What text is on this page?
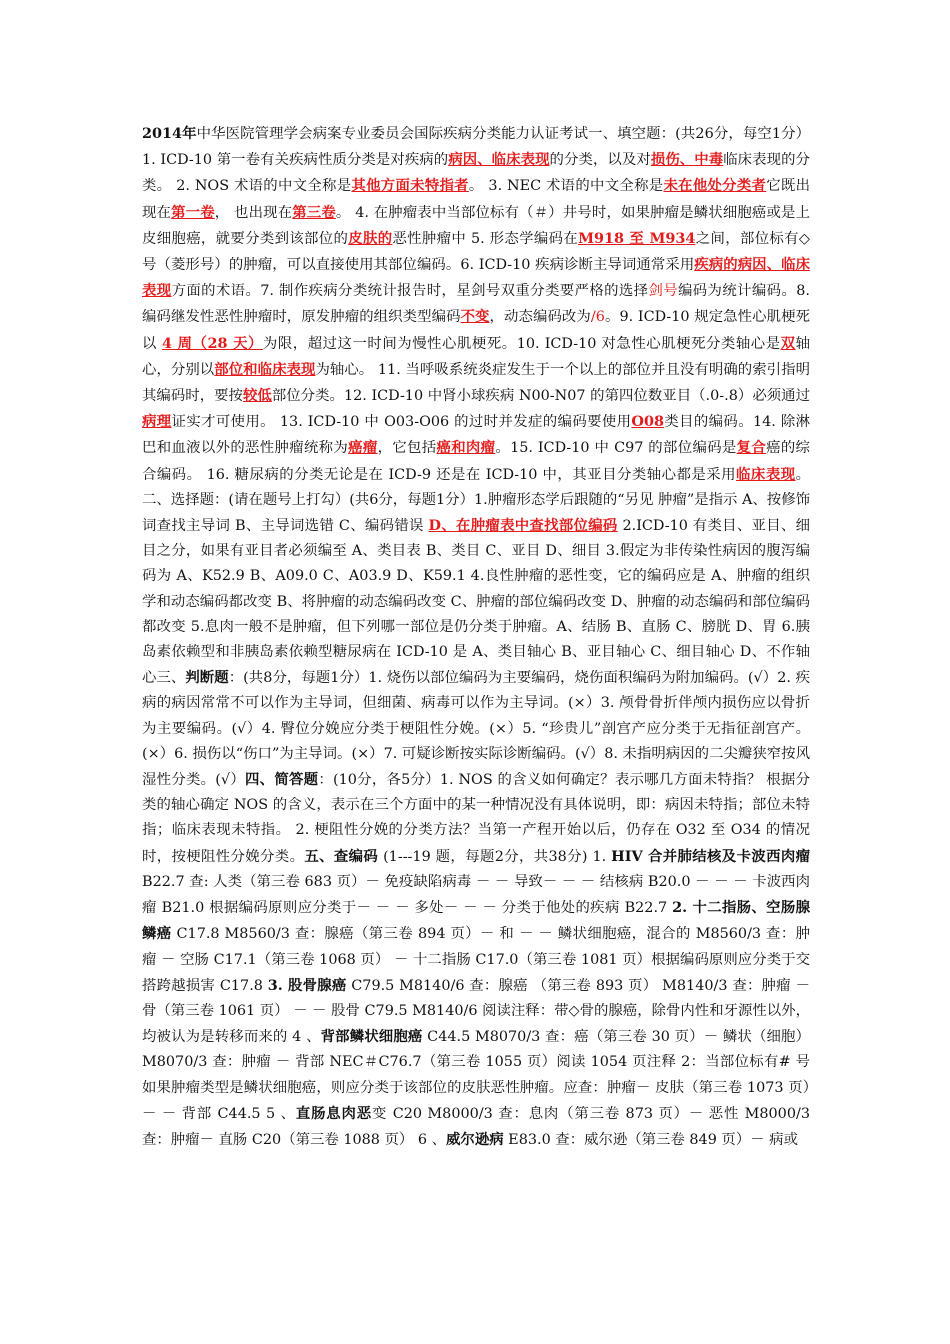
2014年中华医院管理学会病案专业委员会国际疾病分类能力认证考试一、填空题：(共26分，每空1分）1. ICD-10 第一卷有关疾病性质分类是对疾病的病因、临床表现的分类，以及对损伤、中毒临床表现的分类。 2. NOS 术语的中文全称是其他方面未特指者。 3. NEC 术语的中文全称是未在他处分类者它既出现在第一卷， 也出现在第三卷。 4. 在肿瘤表中当部位标有（＃）井号时，如果肿瘤是鳞状细胞癌或是上皮细胞癌，就要分类到该部位的皮肤的恶性肿瘤中 5. 形态学编码在M918 至 M934之间，部位标有◇号（菱形号）的肿瘤，可以直接使用其部位编码。6. ICD-10 疾病诊断主导词通常采用疾病的病因、临床表现方面的术语。7. 制作疾病分类统计报告时，星剑号双重分类要严格的选择剑号编码为统计编码。8. 编码继发性恶性肿瘤时，原发肿瘤的组织类型编码不变，动态编码改为/6。9. ICD-10 规定急性心肌梗死以 4 周（28 天）为限，超过这一时间为慢性心肌梗死。10. ICD-10 对急性心肌梗死分类轴心是双轴心，分别以部位和临床表现为轴心。 11. 当呼吸系统炎症发生于一个以上的部位并且没有明确的索引指明其编码时，要按较低部位分类。12. ICD-10 中肾小球疾病 N00-N07 的第四位数亚目（.0-.8）必须通过病理证实才可使用。 13. ICD-10 中 O03-O06 的过时并发症的编码要使用O08类目的编码。14. 除淋巴和血液以外的恶性肿瘤统称为癌瘤，它包括癌和肉瘤。15. ICD-10 中 C97 的部位编码是复合癌的综合编码。 16. 糖尿病的分类无论是在 ICD-9 还是在 ICD-10 中，其亚目分类轴心都是采用临床表现。二、选择题：(请在题号上打勾）(共6分，每题1分）1.肿瘤形态学后跟随的“另见 肿瘤”是指示 A、按修饰词查找主导词 B、主导词选错 C、编码错误 D、在肿瘤表中查找部位编码 2.ICD-10 有类目、亚目、细目之分，如果有亚目者必须编至 A、类目表 B、类目 C、亚目 D、细目 3.假定为非传染性病因的腹泻编码为 A、K52.9 B、A09.0 C、A03.9 D、K59.1 4.良性肿瘤的恶性变，它的编码应是 A、肿瘤的组织学和动态编码都改变 B、将肿瘤的动态编码改变 C、肿瘤的部位编码改变 D、肿瘤的动态编码和部位编码都改变 5.息肉一般不是肿瘤，但下列哪一部位是仍分类于肿瘤。A、结肠 B、直肠 C、膀胱 D、胃 6.胰岛素依赖型和非胰岛素依赖型糖尿病在 ICD-10 是 A、类目轴心 B、亚目轴心 C、细目轴心 D、不作轴心三、判断题：(共8分，每题1分）1. 烧伤以部位编码为主要编码，烧伤面积编码为附加编码。(√）2. 疾病的病因常常不可以作为主导词，但细菌、病毒可以作为主导词。(×）3. 颅骨骨折伴颅内损伤应以骨折为主要编码。(√）4. 臀位分娩应分类于梗阻性分娩。(×）5. “珍贵儿”剖宫产应分类于无指征剖宫产。(×）6. 损伤以“伤口”为主导词。(×）7. 可疑诊断按实际诊断编码。(√）8. 未指明病因的二尖瓣狭窄按风湿性分类。(√）四、简答题：(10分，各5分）1. NOS 的含义如何确定？表示哪几方面未特指？ 根据分类的轴心确定 NOS 的含义，表示在三个方面中的某一种情况没有具体说明，即：病因未特指；部位未特指；临床表现未特指。 2. 梗阻性分娩的分类方法？当第一产程开始以后，仍存在 O32 至 O34 的情况时，按梗阻性分娩分类。五、查编码 (1---19 题，每题2分，共38分) 1. HIV 合并肺结核及卡波西肉瘤 B22.7 查: 人类（第三卷 683 页）－ 免疫缺陷病毒 － － 导致－ － － 结核病 B20.0 － － － 卡波西肉瘤 B21.0 根据编码原则应分类于－ － － 多处－ － － 分类于他处的疾病 B22.7 2. 十二指肠、空肠腺鳞癌 C17.8 M8560/3 查：腺癌（第三卷 894 页）－ 和 － － 鳞状细胞癌，混合的 M8560/3 查：肿瘤 － 空肠 C17.1（第三卷 1068 页） － 十二指肠 C17.0（第三卷 1081 页）根据编码原则应分类于交搭跨越损害 C17.8 3. 股骨腺癌 C79.5 M8140/6 查：腺癌 （第三卷 893 页） M8140/3 查：肿瘤 － 骨（第三卷 1061 页） － － 股骨 C79.5 M8140/6 阅读注释：带◇骨的腺癌，除骨内性和牙源性以外，均被认为是转移而来的 4 、背部鳞状细胞癌 C44.5 M8070/3 查：癌（第三卷 30 页）－ 鳞状（细胞）M8070/3 查：肿瘤 － 背部 NEC＃C76.7（第三卷 1055 页）阅读 1054 页注释 2：当部位标有# 号如果肿瘤类型是鳞状细胞癌，则应分类于该部位的皮肤恶性肿瘤。应查：肿瘤－ 皮肤（第三卷 1073 页）－ － 背部 C44.5 5 、直肠息肉恶变 C20 M8000/3 查：息肉（第三卷 873 页）－ 恶性 M8000/3 查：肿瘤－ 直肠 C20（第三卷 1088 页） 6 、威尔逊病 E83.0 查：威尔逊（第三卷 849 页）－ 病或
